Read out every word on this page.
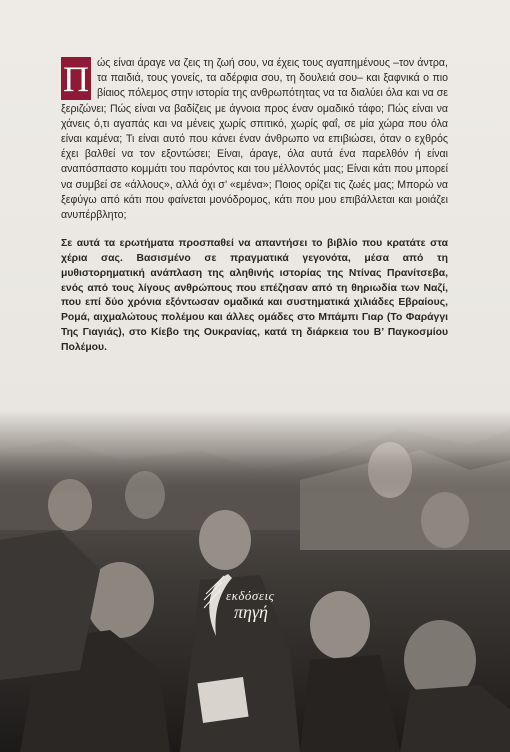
Π ώς είναι άραγε να ζεις τη ζωή σου, να έχεις τους αγαπημένους –τον άντρα, τα παιδιά, τους γονείς, τα αδέρφια σου, τη δουλειά σου– και ξαφνικά ο πιο βίαιος πόλεμος στην ιστορία της ανθρωπότητας να τα διαλύει όλα και να σε ξεριζώνει; Πώς είναι να βαδίζεις με άγνοια προς έναν ομαδικό τάφο; Πώς είναι να χάνεις ό,τι αγαπάς και να μένεις χωρίς σπιτικό, χωρίς φαΐ, σε μία χώρα που όλα είναι καμένα; Τι είναι αυτό που κάνει έναν άνθρωπο να επιβιώσει, όταν ο εχθρός έχει βαλθεί να τον εξοντώσει; Είναι, άραγε, όλα αυτά ένα παρελθόν ή είναι αναπόσπαστο κομμάτι του παρόντος και του μέλλοντός μας; Είναι κάτι που μπορεί να συμβεί σε «άλλους», αλλά όχι σ’ «εμένα»; Ποιος ορίζει τις ζωές μας; Μπορώ να ξεφύγω από κάτι που φαίνεται μονόδρομος, κάτι που μου επιβάλλεται και μοιάζει ανυπέρβλητο;

Σε αυτά τα ερωτήματα προσπαθεί να απαντήσει το βιβλίο που κρατάτε στα χέρια σας. Βασισμένο σε πραγματικά γεγονότα, μέσα από τη μυθιστορηματική ανάπλαση της αληθινής ιστορίας της Ντίνας Πρανίτσεβα, ενός από τους λίγους ανθρώπους που επέζησαν από τη θηριωδία των Ναζί, που επί δύο χρόνια εξόντωσαν ομαδικά και συστηματικά χιλιάδες Εβραίους, Ρομά, αιχμαλώτους πολέμου και άλλες ομάδες στο Μπάμπι Γιαρ (Το Φαράγγι Της Γιαγιάς), στο Κίεβο της Ουκρανίας, κατά τη διάρκεια του Β’ Παγκοσμίου Πολέμου.

εκδόσεις
πηγή
